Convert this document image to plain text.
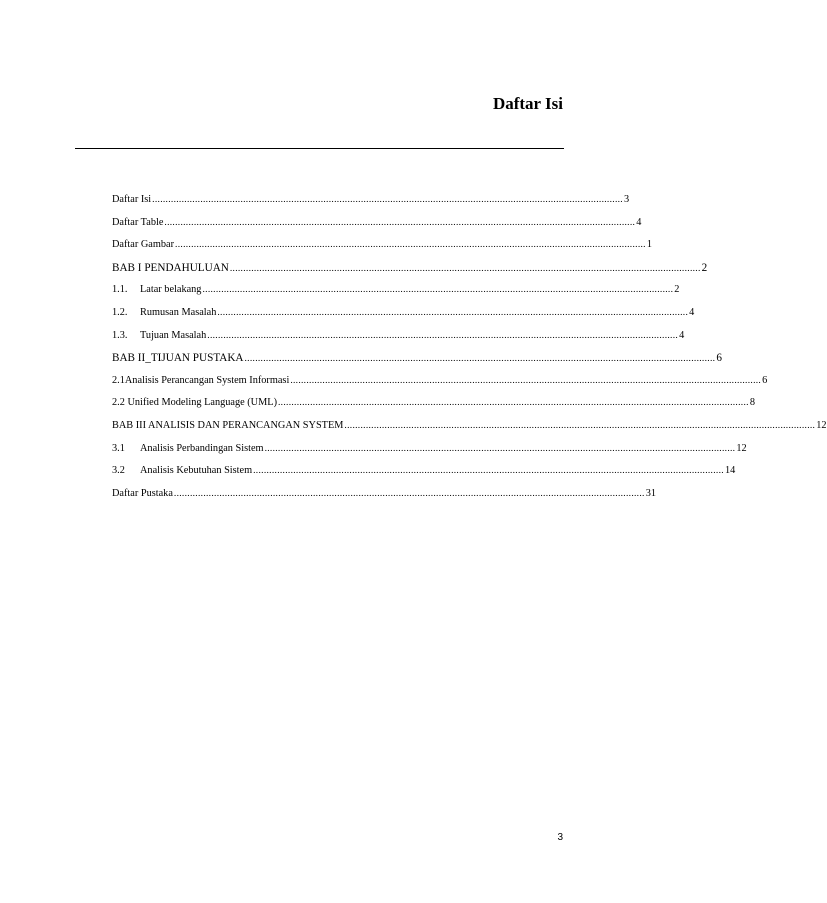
Daftar Isi
Daftar Isi ................................................................................................................................................................................ 3
Daftar Table ................................................................................................................................................................................ 4
Daftar Gambar ................................................................................................................................................................................ 1
BAB I PENDAHULUAN ................................................................................................................................................................................ 2
1.1.	Latar belakang ................................................................................................................................................................................ 2
1.2.	Rumusan Masalah ................................................................................................................................................................................ 4
1.3.	Tujuan Masalah ................................................................................................................................................................................ 4
BAB II_TIJUAN PUSTAKA ................................................................................................................................................................................ 6
2.1Analisis Perancangan System Informasi ................................................................................................................................................................................ 6
2.2 Unified Modeling Language (UML) ................................................................................................................................................................................ 8
BAB III ANALISIS DAN PERANCANGAN SYSTEM ................................................................................................................................................................................ 12
3.1	Analisis Perbandingan Sistem ................................................................................................................................................................................ 12
3.2	Analisis Kebutuhan Sistem ................................................................................................................................................................................ 14
Daftar Pustaka ................................................................................................................................................................................ 31
3
